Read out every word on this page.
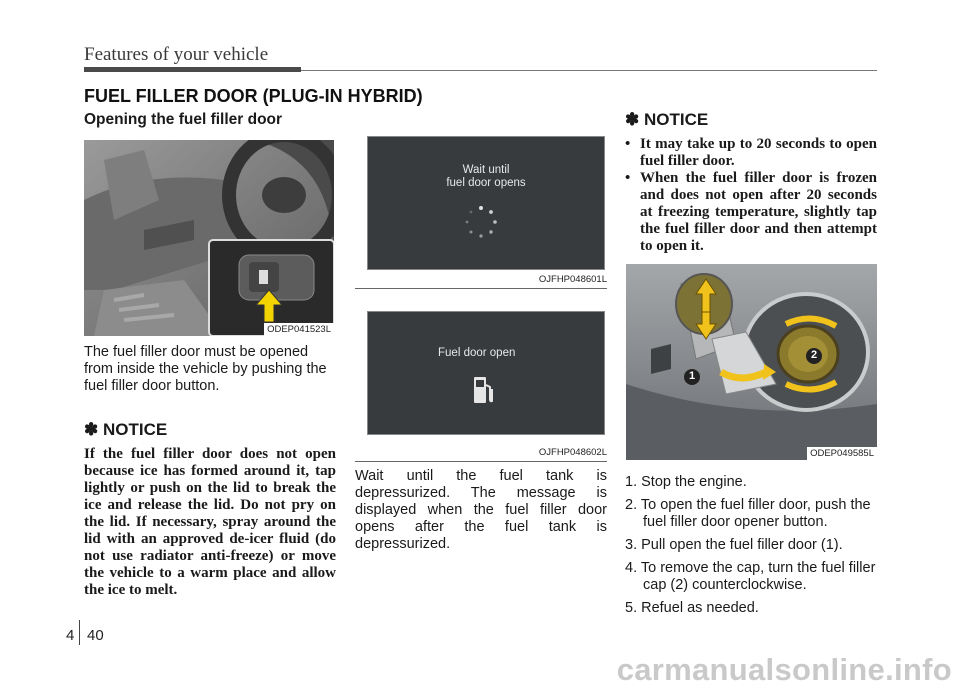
Features of your vehicle
FUEL FILLER DOOR (PLUG-IN HYBRID)

Opening the fuel filler door

ODEP041523L

The fuel filler door must be opened from inside the vehicle by pushing the fuel filler door button.

✽ NOTICE

If the fuel filler door does not open because ice has formed around it, tap lightly or push on the lid to break the ice and release the lid. Do not pry on the lid. If necessary, spray around the lid with an approved de-icer fluid (do not use radiator anti-freeze) or move the vehicle to a warm place and allow the ice to melt.

Wait until
fuel door opens
OJFHP048601L
Fuel door open
OJFHP048602L

Wait until the fuel tank is depressurized. The message is displayed when the fuel filler door opens after the fuel tank is depressurized.

✽ NOTICE

• It may take up to 20 seconds to open fuel filler door.
• When the fuel filler door is frozen and does not open after 20 seconds at freezing temperature, slightly tap the fuel filler door and then attempt to open it.
1
2
ODEP049585L
1. Stop the engine.
2. To open the fuel filler door, push the fuel filler door opener button.
3. Pull open the fuel filler door (1).
4. To remove the cap, turn the fuel filler cap (2) counterclockwise.
5. Refuel as needed.
4 40
carmanualsonline.info
